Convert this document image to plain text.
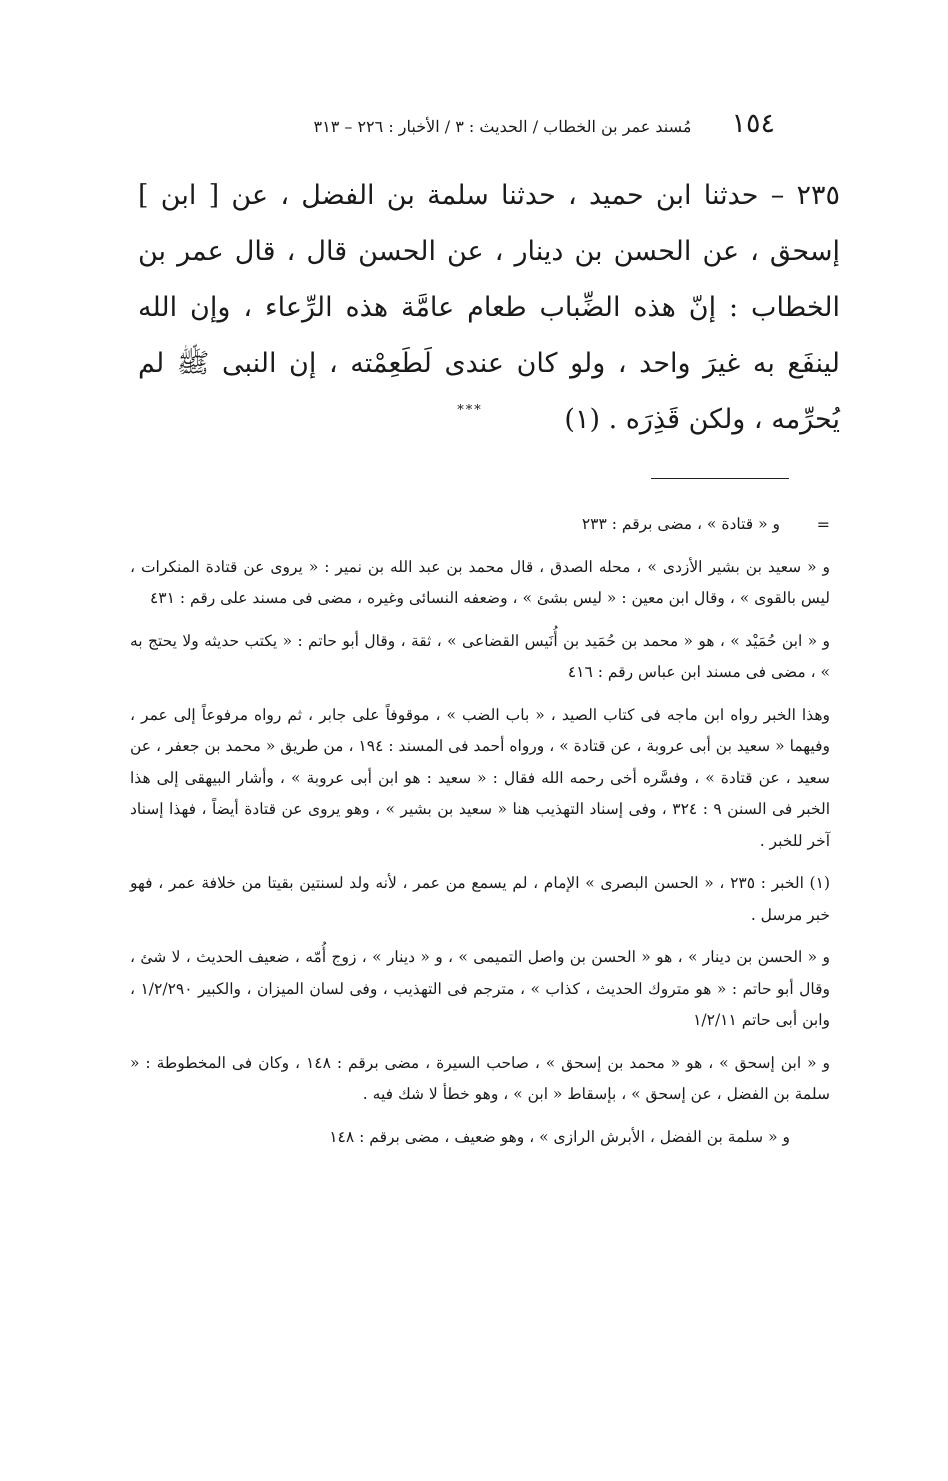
١٥٤
مُسند عمر بن الخطاب / الحديث : ٣ / الأخبار : ٢٢٦ – ٣١٣

٢٣٥ – حدثنا ابن حميد ، حدثنا سلمة بن الفضل ، عن [ ابن ] إسحق ، عن الحسن بن دينار ، عن الحسن قال ، قال عمر بن الخطاب : إنّ هذه الضِّباب طعام عامَّة هذه الرِّعاء ، وإن الله لينفَع به غيرَ واحد ، ولو كان عندى لَطَعِمْته ، إن النبى ﷺ لم يُحرِّمه ، ولكن قَذِرَه . (١)

***
=

و « قتادة » ، مضى برقم : ٢٣٣

و « سعيد بن بشير الأزدى » ، محله الصدق ، قال محمد بن عبد الله بن نمير : « يروى عن قتادة المنكرات ، ليس بالقوى » ، وقال ابن معين : « ليس بشئ » ، وضعفه النسائى وغيره ، مضى فى مسند على رقم : ٤٣١

و « ابن حُمَيْد » ، هو « محمد بن حُمَيد بن أُنَيس القضاعى » ، ثقة ، وقال أبو حاتم : « يكتب حديثه ولا يحتج به » ، مضى فى مسند ابن عباس رقم : ٤١٦

وهذا الخبر رواه ابن ماجه فى كتاب الصيد ، « باب الضب » ، موقوفاً على جابر ، ثم رواه مرفوعاً إلى عمر ، وفيهما « سعيد بن أبى عروبة ، عن قتادة » ، ورواه أحمد فى المسند : ١٩٤ ، من طريق « محمد بن جعفر ، عن سعيد ، عن قتادة » ، وفسَّره أخى رحمه الله فقال : « سعيد : هو ابن أبى عروبة » ، وأشار البيهقى إلى هذا الخبر فى السنن ٩ : ٣٢٤ ، وفى إسناد التهذيب هنا « سعيد بن بشير » ، وهو يروى عن قتادة أيضاً ، فهذا إسناد آخر للخبر .

(١) الخبر : ٢٣٥ ، « الحسن البصرى » الإمام ، لم يسمع من عمر ، لأنه ولد لسنتين بقيتا من خلافة عمر ، فهو خبر مرسل .

و « الحسن بن دينار » ، هو « الحسن بن واصل التميمى » ، و « دينار » ، زوج أُمّه ، ضعيف الحديث ، لا شئ ، وقال أبو حاتم : « هو متروك الحديث ، كذاب » ، مترجم فى التهذيب ، وفى لسان الميزان ، والكبير ١/٢/٢٩٠ ، وابن أبى حاتم ١/٢/١١

و « ابن إسحق » ، هو « محمد بن إسحق » ، صاحب السيرة ، مضى برقم : ١٤٨ ، وكان فى المخطوطة : « سلمة بن الفضل ، عن إسحق » ، بإسقاط « ابن » ، وهو خطأ لا شك فيه .

و « سلمة بن الفضل ، الأبرش الرازى » ، وهو ضعيف ، مضى برقم : ١٤٨
